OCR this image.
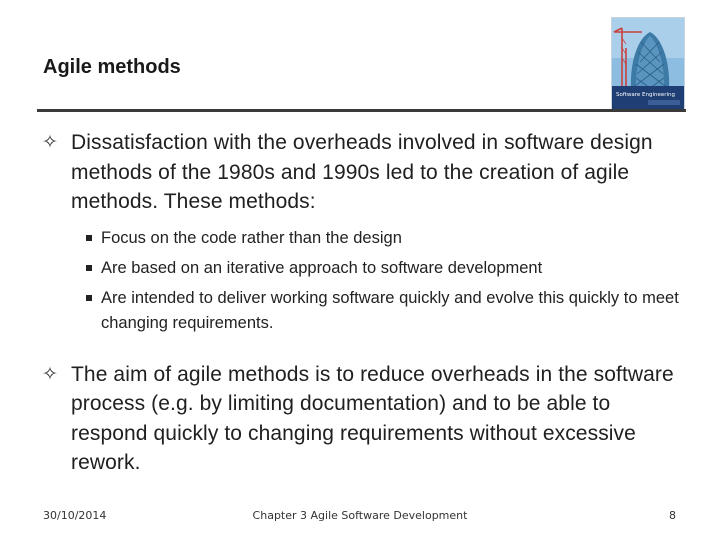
Agile methods
Software Engineering

✧ Dissatisfaction with the overheads involved in software design methods of the 1980s and 1990s led to the creation of agile methods. These methods:

Focus on the code rather than the design
Are based on an iterative approach to software development
Are intended to deliver working software quickly and evolve this quickly to meet changing requirements.

✧ The aim of agile methods is to reduce overheads in the software process (e.g. by limiting documentation) and to be able to respond quickly to changing requirements without excessive rework.

30/10/2014	Chapter 3 Agile Software Development	8
